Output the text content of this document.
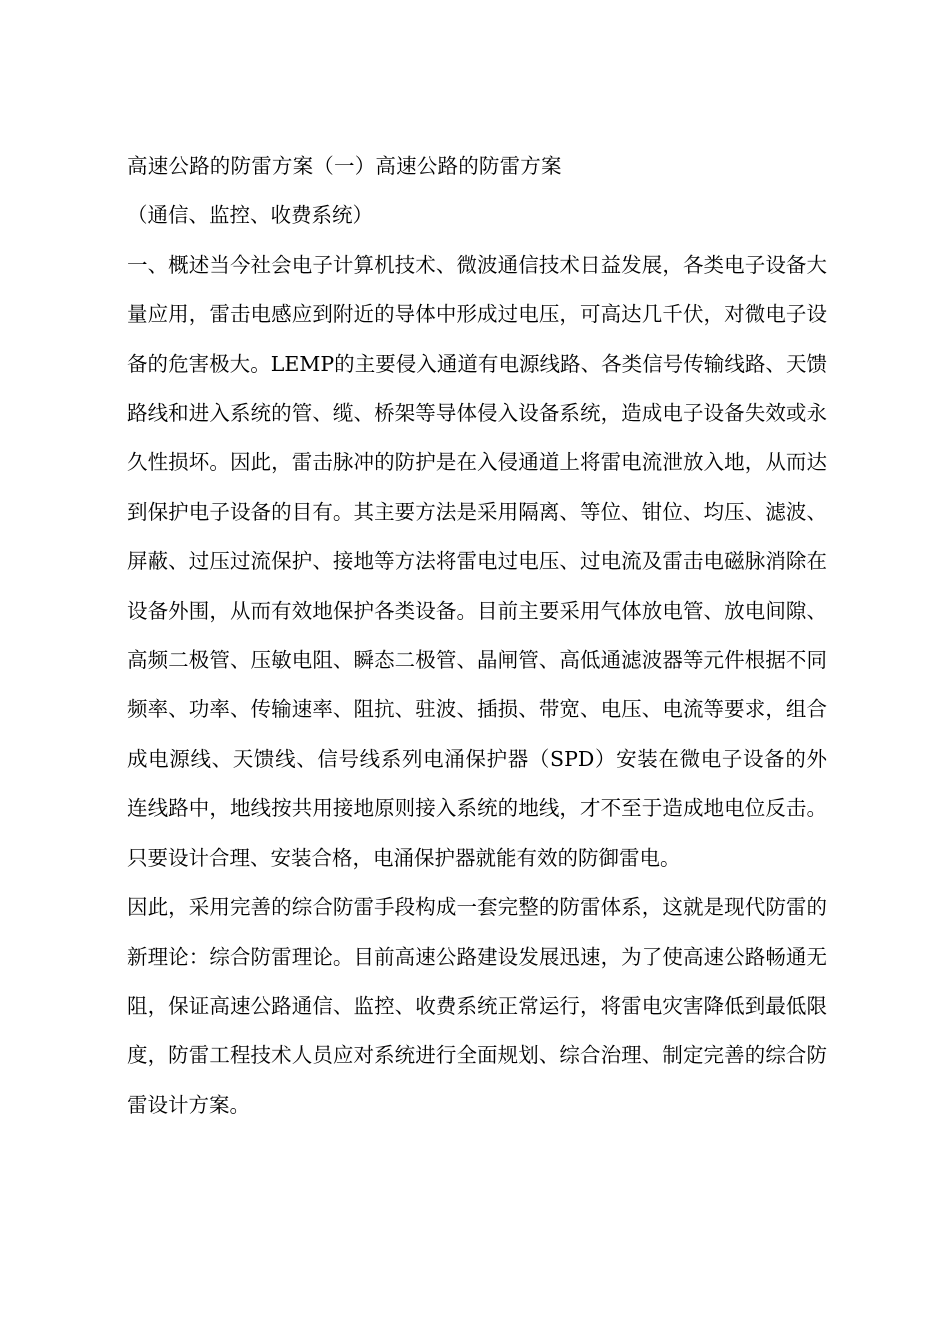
高速公路的防雷方案（一）高速公路的防雷方案

（通信、监控、收费系统）

一、概述当今社会电子计算机技术、微波通信技术日益发展，各类电子设备大量应用，雷击电感应到附近的导体中形成过电压，可高达几千伏，对微电子设备的危害极大。LEMP的主要侵入通道有电源线路、各类信号传输线路、天馈路线和进入系统的管、缆、桥架等导体侵入设备系统，造成电子设备失效或永久性损坏。因此，雷击脉冲的防护是在入侵通道上将雷电流泄放入地，从而达到保护电子设备的目有。其主要方法是采用隔离、等位、钳位、均压、滤波、屏蔽、过压过流保护、接地等方法将雷电过电压、过电流及雷击电磁脉消除在设备外围，从而有效地保护各类设备。目前主要采用气体放电管、放电间隙、高频二极管、压敏电阻、瞬态二极管、晶闸管、高低通滤波器等元件根据不同频率、功率、传输速率、阻抗、驻波、插损、带宽、电压、电流等要求，组合成电源线、天馈线、信号线系列电涌保护器（SPD）安装在微电子设备的外连线路中，地线按共用接地原则接入系统的地线，才不至于造成地电位反击。只要设计合理、安装合格，电涌保护器就能有效的防御雷电。

因此，采用完善的综合防雷手段构成一套完整的防雷体系，这就是现代防雷的新理论：综合防雷理论。目前高速公路建设发展迅速，为了使高速公路畅通无阻，保证高速公路通信、监控、收费系统正常运行，将雷电灾害降低到最低限度，防雷工程技术人员应对系统进行全面规划、综合治理、制定完善的综合防雷设计方案。
